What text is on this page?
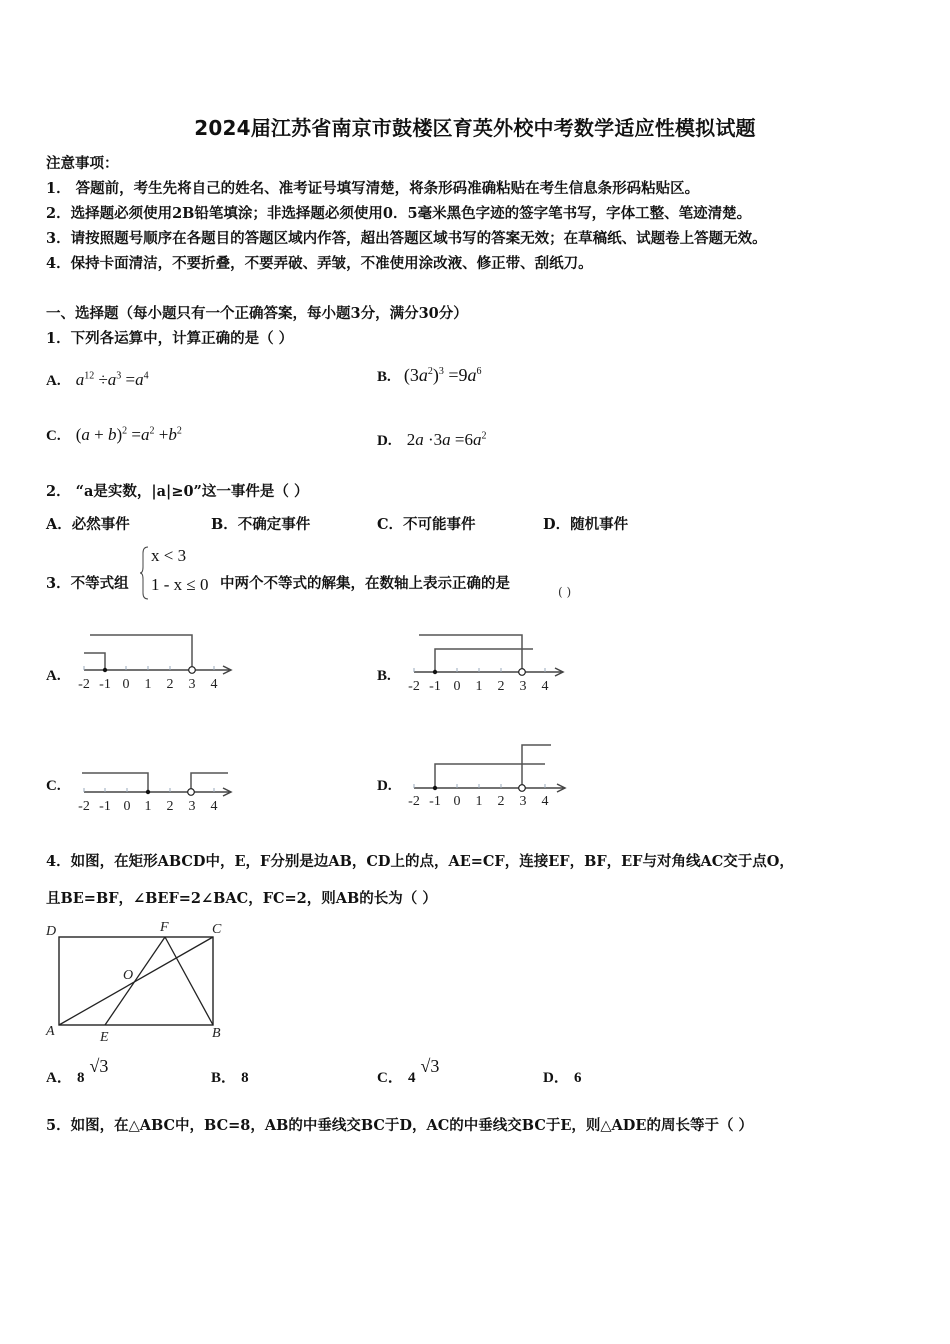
2024届江苏省南京市鼓楼区育英外校中考数学适应性模拟试题
注意事项：
1． 答题前，考生先将自己的姓名、准考证号填写清楚，将条形码准确粘贴在考生信息条形码粘贴区。
2．选择题必须使用2B铅笔填涂；非选择题必须使用0．5毫米黑色字迹的签字笔书写，字体工整、笔迹清楚。
3．请按照题号顺序在各题目的答题区域内作答，超出答题区域书写的答案无效；在草稿纸、试题卷上答题无效。
4．保持卡面清洁，不要折叠，不要弄破、弄皱，不准使用涂改液、修正带、刮纸刀。
一、选择题（每小题只有一个正确答案，每小题3分，满分30分）
1．下列各运算中，计算正确的是（ ）
A. $a^{12} \div a^3 =a^4$	B. $(3a^2)^3 =9a^6$
C. $(a + b)^2 =a^2 +b^2$
D. $2a \cdot 3a =6a^2$
2． “a是实数，|a|≥0”这一事件是（ ）
A．必然事件	B．不确定事件	C．不可能事件	D．随机事件
3．不等式组
x < 3
1 - x ≤ 0 中两个不等式的解集，在数轴上表示正确的是	( )
A.
-2 -1 0 1 2 3 4
B.
-2 -1 0 1 2 3 4
C.
-2 -1 0 1 2 3 4
D.
-2 -1 0 1 2 3 4
4．如图，在矩形ABCD中，E，F分别是边AB，CD上的点，AE=CF，连接EF，BF，EF与对角线AC交于点O，
且BE=BF，∠BEF=2∠BAC，FC=2，则AB的长为（ ）
D	F	C
O
A	E	B
A． 8 √3
B． 8	C． 4 √3
D． 6
5．如图，在△ABC中，BC=8，AB的中垂线交BC于D，AC的中垂线交BC于E，则△ADE的周长等于（ ）
